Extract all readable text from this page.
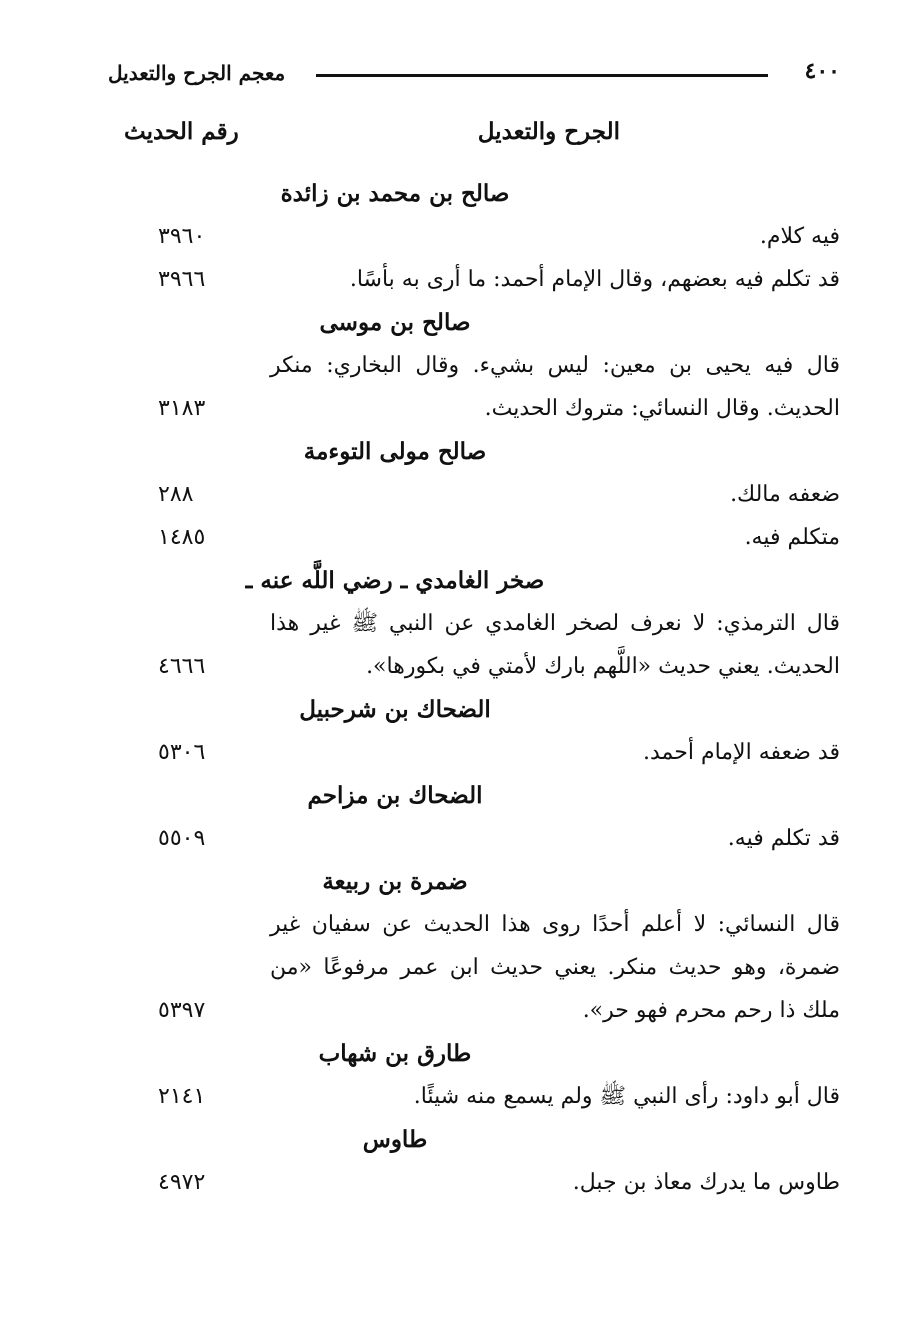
٤٠٠
معجم الجرح والتعديل
الجرح والتعديل
رقم الحديث
صالح بن محمد بن زائدة
فيه كلام.
٣٩٦٠
قد تكلم فيه بعضهم، وقال الإمام أحمد: ما أرى به بأسًا.
٣٩٦٦
صالح بن موسى
قال فيه يحيى بن معين: ليس بشيء. وقال البخاري: منكر الحديث. وقال النسائي: متروك الحديث.
٣١٨٣
صالح مولى التوءمة
ضعفه مالك.
٢٨٨
متكلم فيه.
١٤٨٥
صخر الغامدي ـ رضي اللَّه عنه ـ
قال الترمذي: لا نعرف لصخر الغامدي عن النبي ﷺ غير هذا الحديث. يعني حديث «اللَّهم بارك لأمتي في بكورها».
٤٦٦٦
الضحاك بن شرحبيل
قد ضعفه الإمام أحمد.
٥٣٠٦
الضحاك بن مزاحم
قد تكلم فيه.
٥٥٠٩
ضمرة بن ربيعة
قال النسائي: لا أعلم أحدًا روى هذا الحديث عن سفيان غير ضمرة، وهو حديث منكر. يعني حديث ابن عمر مرفوعًا «من ملك ذا رحم محرم فهو حر».
٥٣٩٧
طارق بن شهاب
قال أبو داود: رأى النبي ﷺ ولم يسمع منه شيئًا.
٢١٤١
طاوس
طاوس ما يدرك معاذ بن جبل.
٤٩٧٢
